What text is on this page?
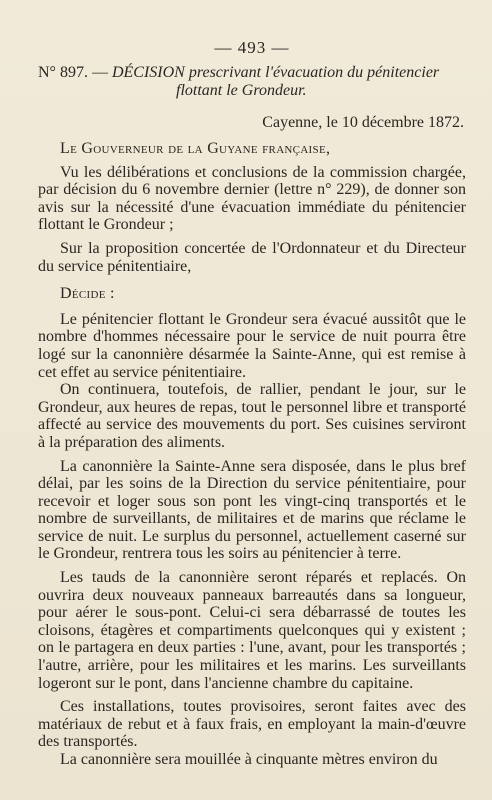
— 493 —
N° 897. — DÉCISION prescrivant l'évacuation du pénitencier
flottant le Grondeur.
Cayenne, le 10 décembre 1872.

Le Gouverneur de la Guyane française,

Vu les délibérations et conclusions de la commission chargée, par décision du 6 novembre dernier (lettre n° 229), de donner son avis sur la nécessité d'une évacuation immédiate du pénitencier flottant le Grondeur ;

Sur la proposition concertée de l'Ordonnateur et du Directeur du service pénitentiaire,

Décide :

Le pénitencier flottant le Grondeur sera évacué aussitôt que le nombre d'hommes nécessaire pour le service de nuit pourra être logé sur la canonnière désarmée la Sainte-Anne, qui est remise à cet effet au service pénitentiaire.

On continuera, toutefois, de rallier, pendant le jour, sur le Grondeur, aux heures de repas, tout le personnel libre et transporté affecté au service des mouvements du port. Ses cuisines serviront à la préparation des aliments.

La canonnière la Sainte-Anne sera disposée, dans le plus bref délai, par les soins de la Direction du service pénitentiaire, pour recevoir et loger sous son pont les vingt-cinq transportés et le nombre de surveillants, de militaires et de marins que réclame le service de nuit. Le surplus du personnel, actuellement caserné sur le Grondeur, rentrera tous les soirs au pénitencier à terre.

Les tauds de la canonnière seront réparés et replacés. On ouvrira deux nouveaux panneaux barreautés dans sa longueur, pour aérer le sous-pont. Celui-ci sera débarrassé de toutes les cloisons, étagères et compartiments quelconques qui y existent ; on le partagera en deux parties : l'une, avant, pour les transportés ; l'autre, arrière, pour les militaires et les marins. Les surveillants logeront sur le pont, dans l'ancienne chambre du capitaine.

Ces installations, toutes provisoires, seront faites avec des matériaux de rebut et à faux frais, en employant la main-d'œuvre des transportés.

La canonnière sera mouillée à cinquante mètres environ du
